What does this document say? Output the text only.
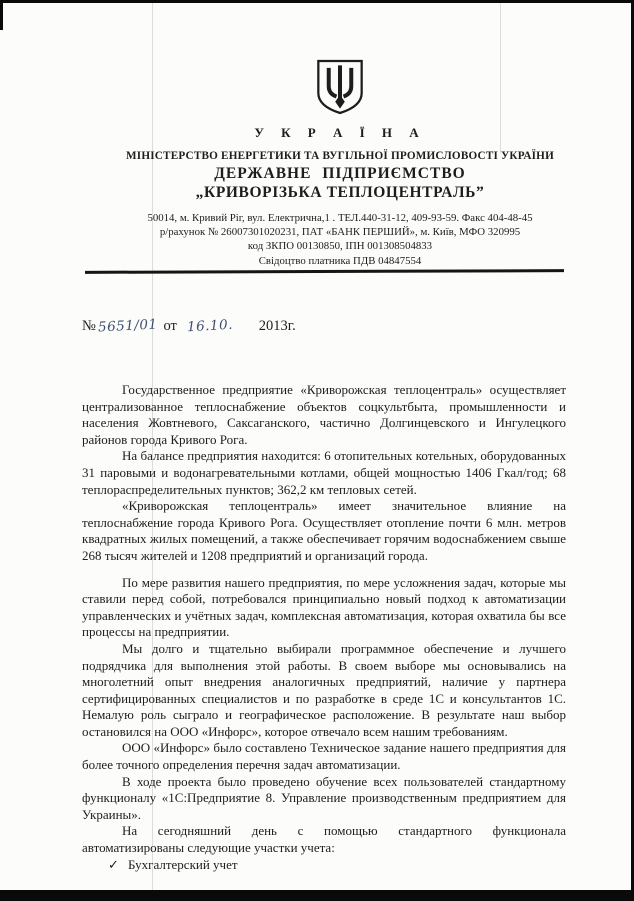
У К Р А Ї Н А
МІНІСТЕРСТВО ЕНЕРГЕТИКИ ТА ВУГІЛЬНОЇ ПРОМИСЛОВОСТІ УКРАЇНИ
ДЕРЖАВНЕ ПІДПРИЄМСТВО
„КРИВОРІЗЬКА ТЕПЛОЦЕНТРАЛЬ”
50014, м. Кривий Ріг, вул. Електрична,1 . ТЕЛ.440-31-12, 409-93-59. Факс 404-48-45
р/рахунок № 26007301020231, ПАТ «БАНК ПЕРШИЙ», м. Київ, МФО 320995
код ЗКПО 00130850, ІПН 001308504833
Свідоцтво платника ПДВ 04847554
№ 5651/01 от 16.10. 2013г.

Государственное предприятие «Криворожская теплоцентраль» осуществляет централизованное теплоснабжение объектов соцкультбыта, промышленности и населения Жовтневого, Саксаганского, частично Долгинцевского и Ингулецкого районов города Кривого Рога.

На балансе предприятия находится: 6 отопительных котельных, оборудованных 31 паровыми и водонагревательными котлами, общей мощностью 1406 Гкал/год; 68 теплораспределительных пунктов; 362,2 км тепловых сетей.

«Криворожская теплоцентраль» имеет значительное влияние на теплоснабжение города Кривого Рога. Осуществляет отопление почти 6 млн. метров квадратных жилых помещений, а также обеспечивает горячим водоснабжением свыше 268 тысяч жителей и 1208 предприятий и организаций города.

По мере развития нашего предприятия, по мере усложнения задач, которые мы ставили перед собой, потребовался принципиально новый подход к автоматизации управленческих и учётных задач, комплексная автоматизация, которая охватила бы все процессы на предприятии.

Мы долго и тщательно выбирали программное обеспечение и лучшего подрядчика для выполнения этой работы. В своем выборе мы основывались на многолетний опыт внедрения аналогичных предприятий, наличие у партнера сертифицированных специалистов и по разработке в среде 1С и консультантов 1С. Немалую роль сыграло и географическое расположение. В результате наш выбор остановился на ООО «Инфорс», которое отвечало всем нашим требованиям.

ООО «Инфорс» было составлено Техническое задание нашего предприятия для более точного определения перечня задач автоматизации.

В ходе проекта было проведено обучение всех пользователей стандартному функционалу «1С:Предприятие 8. Управление производственным предприятием для Украины».

На сегодняшний день с помощью стандартного функционала автоматизированы следующие участки учета:

✓ Бухгалтерский учет
